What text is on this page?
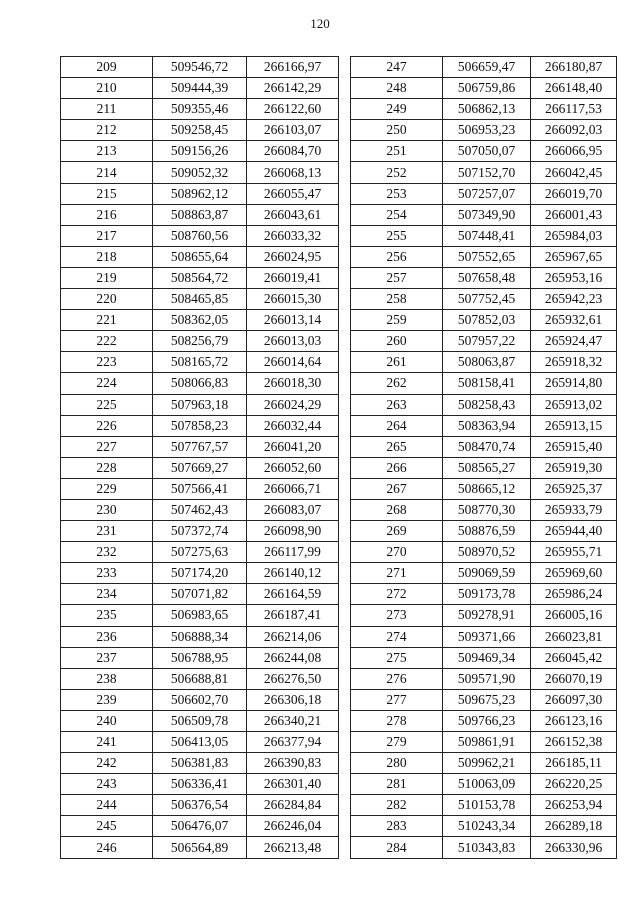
120
209	509546,72	266166,97
210	509444,39	266142,29
211	509355,46	266122,60
212	509258,45	266103,07
213	509156,26	266084,70
214	509052,32	266068,13
215	508962,12	266055,47
216	508863,87	266043,61
217	508760,56	266033,32
218	508655,64	266024,95
219	508564,72	266019,41
220	508465,85	266015,30
221	508362,05	266013,14
222	508256,79	266013,03
223	508165,72	266014,64
224	508066,83	266018,30
225	507963,18	266024,29
226	507858,23	266032,44
227	507767,57	266041,20
228	507669,27	266052,60
229	507566,41	266066,71
230	507462,43	266083,07
231	507372,74	266098,90
232	507275,63	266117,99
233	507174,20	266140,12
234	507071,82	266164,59
235	506983,65	266187,41
236	506888,34	266214,06
237	506788,95	266244,08
238	506688,81	266276,50
239	506602,70	266306,18
240	506509,78	266340,21
241	506413,05	266377,94
242	506381,83	266390,83
243	506336,41	266301,40
244	506376,54	266284,84
245	506476,07	266246,04
246	506564,89	266213,48
247	506659,47	266180,87
248	506759,86	266148,40
249	506862,13	266117,53
250	506953,23	266092,03
251	507050,07	266066,95
252	507152,70	266042,45
253	507257,07	266019,70
254	507349,90	266001,43
255	507448,41	265984,03
256	507552,65	265967,65
257	507658,48	265953,16
258	507752,45	265942,23
259	507852,03	265932,61
260	507957,22	265924,47
261	508063,87	265918,32
262	508158,41	265914,80
263	508258,43	265913,02
264	508363,94	265913,15
265	508470,74	265915,40
266	508565,27	265919,30
267	508665,12	265925,37
268	508770,30	265933,79
269	508876,59	265944,40
270	508970,52	265955,71
271	509069,59	265969,60
272	509173,78	265986,24
273	509278,91	266005,16
274	509371,66	266023,81
275	509469,34	266045,42
276	509571,90	266070,19
277	509675,23	266097,30
278	509766,23	266123,16
279	509861,91	266152,38
280	509962,21	266185,11
281	510063,09	266220,25
282	510153,78	266253,94
283	510243,34	266289,18
284	510343,83	266330,96
